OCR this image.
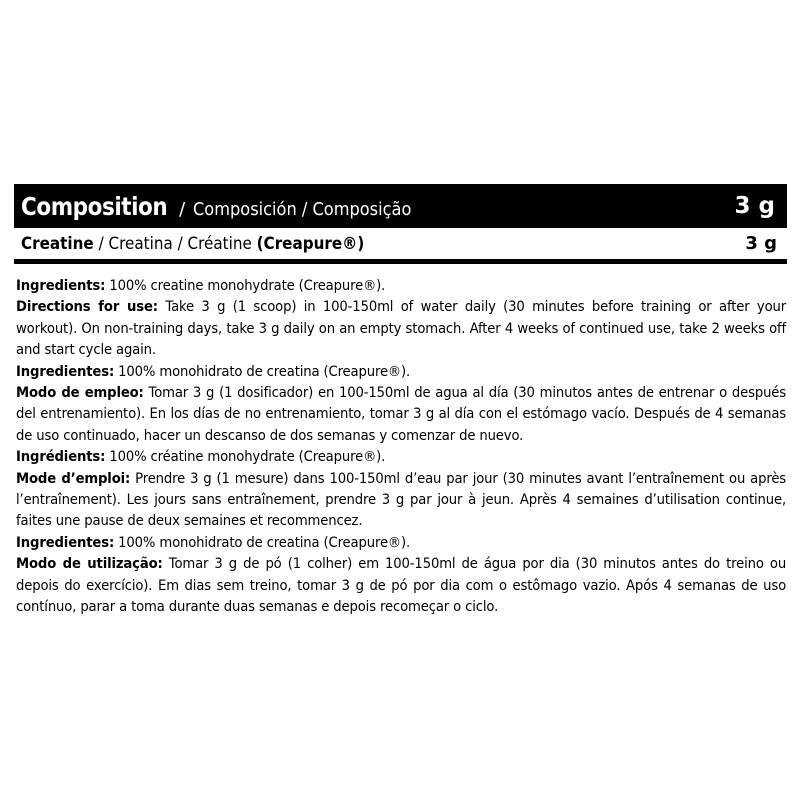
Composition / Composición / Composição	3 g
Creatine / Creatina / Créatine (Creapure®)	3 g

Ingredients: 100% creatine monohydrate (Creapure®).

Directions for use: Take 3 g (1 scoop) in 100-150ml of water daily (30 minutes before training or after your workout). On non-training days, take 3 g daily on an empty stomach. After 4 weeks of continued use, take 2 weeks off and start cycle again.

Ingredientes: 100% monohidrato de creatina (Creapure®).

Modo de empleo: Tomar 3 g (1 dosificador) en 100-150ml de agua al día (30 minutos antes de entrenar o después del entrenamiento). En los días de no entrenamiento, tomar 3 g al día con el estómago vacío. Después de 4 semanas de uso continuado, hacer un descanso de dos semanas y comenzar de nuevo.

Ingrédients: 100% créatine monohydrate (Creapure®).

Mode d’emploi: Prendre 3 g (1 mesure) dans 100-150ml d’eau par jour (30 minutes avant l’entraînement ou après l’entraînement). Les jours sans entraînement, prendre 3 g par jour à jeun. Après 4 semaines d’utilisation continue, faites une pause de deux semaines et recommencez.

Ingredientes: 100% monohidrato de creatina (Creapure®).

Modo de utilização: Tomar 3 g de pó (1 colher) em 100-150ml de água por dia (30 minutos antes do treino ou depois do exercício). Em dias sem treino, tomar 3 g de pó por dia com o estômago vazio. Após 4 semanas de uso contínuo, parar a toma durante duas semanas e depois recomeçar o ciclo.
